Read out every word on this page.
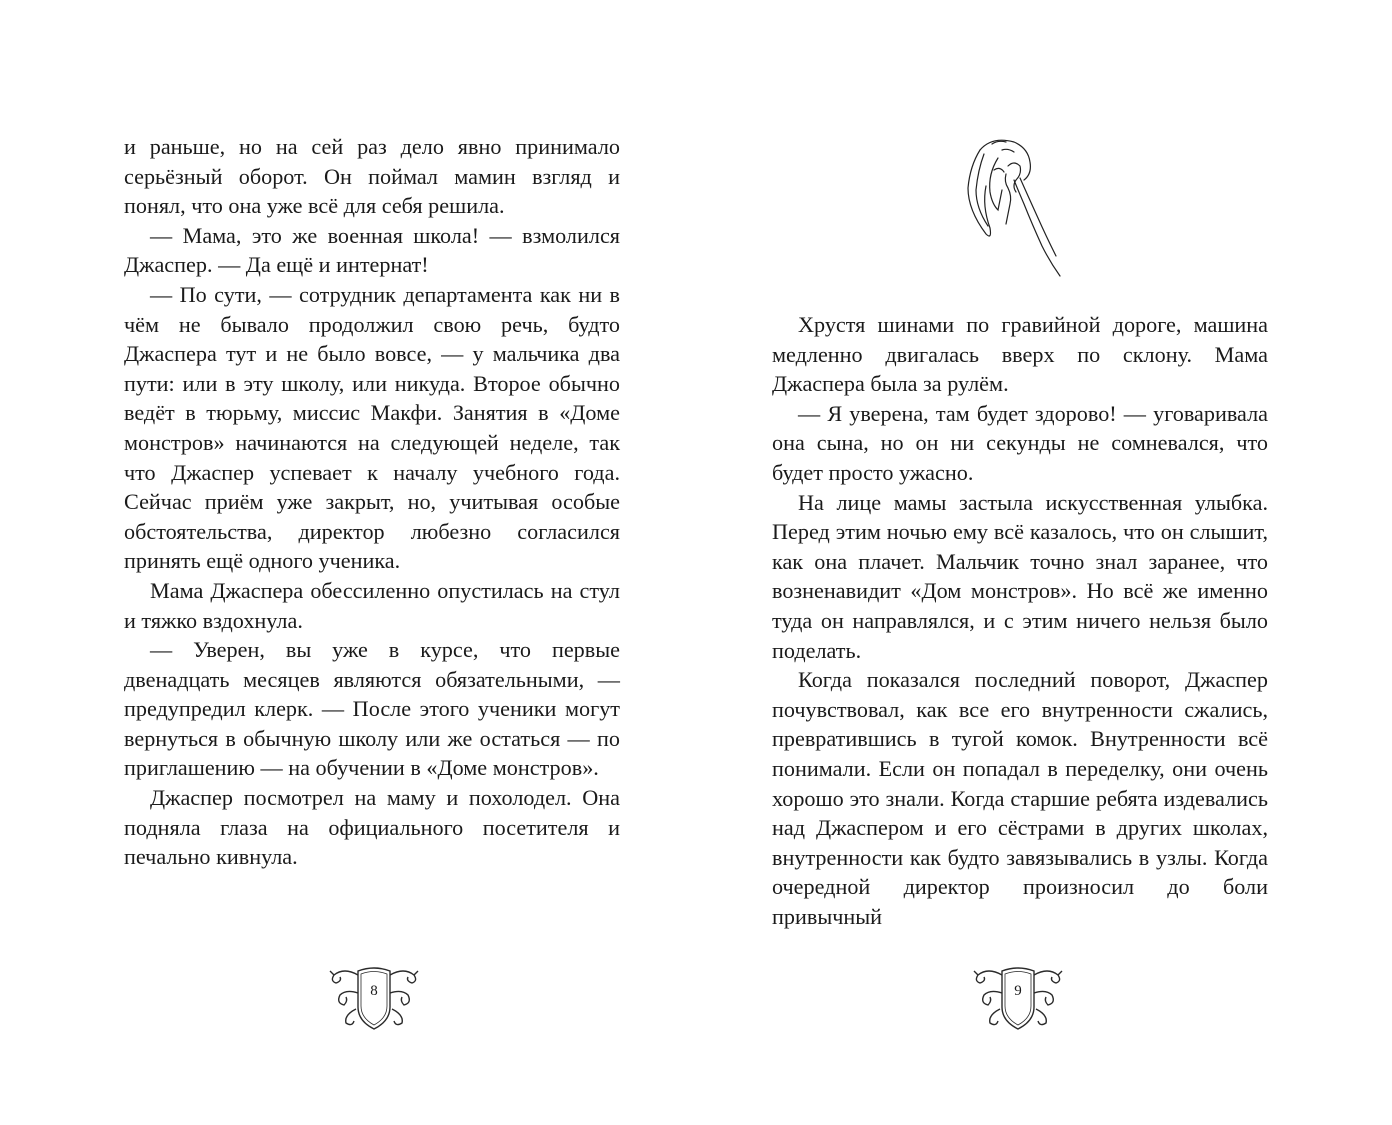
и раньше, но на сей раз дело явно принимало серьёзный оборот. Он поймал мамин взгляд и понял, что она уже всё для себя решила.

— Мама, это же военная школа! — взмолился Джаспер. — Да ещё и интернат!

— По сути, — сотрудник департамента как ни в чём не бывало продолжил свою речь, будто Джаспера тут и не было вовсе, — у мальчика два пути: или в эту школу, или никуда. Второе обычно ведёт в тюрьму, миссис Макфи. Занятия в «Доме монстров» начинаются на следующей неделе, так что Джаспер успевает к началу учебного года. Сейчас приём уже закрыт, но, учитывая особые обстоятельства, директор любезно согласился принять ещё одного ученика.

Мама Джаспера обессиленно опустилась на стул и тяжко вздохнула.

— Уверен, вы уже в курсе, что первые двенадцать месяцев являются обязательными, — предупредил клерк. — После этого ученики могут вернуться в обычную школу или же остаться — по приглашению — на обучении в «Доме монстров».

Джаспер посмотрел на маму и похолодел. Она подняла глаза на официального посетителя и печально кивнула.

8

Хрустя шинами по гравийной дороге, машина медленно двигалась вверх по склону. Мама Джаспера была за рулём.

— Я уверена, там будет здорово! — уговаривала она сына, но он ни секунды не сомневался, что будет просто ужасно.

На лице мамы застыла искусственная улыбка. Перед этим ночью ему всё казалось, что он слышит, как она плачет. Мальчик точно знал заранее, что возненавидит «Дом монстров». Но всё же именно туда он направлялся, и с этим ничего нельзя было поделать.

Когда показался последний поворот, Джаспер почувствовал, как все его внутренности сжались, превратившись в тугой комок. Внутренности всё понимали. Если он попадал в переделку, они очень хорошо это знали. Когда старшие ребята издевались над Джаспером и его сёстрами в других школах, внутренности как будто завязывались в узлы. Когда очередной директор произносил до боли привычный

9
